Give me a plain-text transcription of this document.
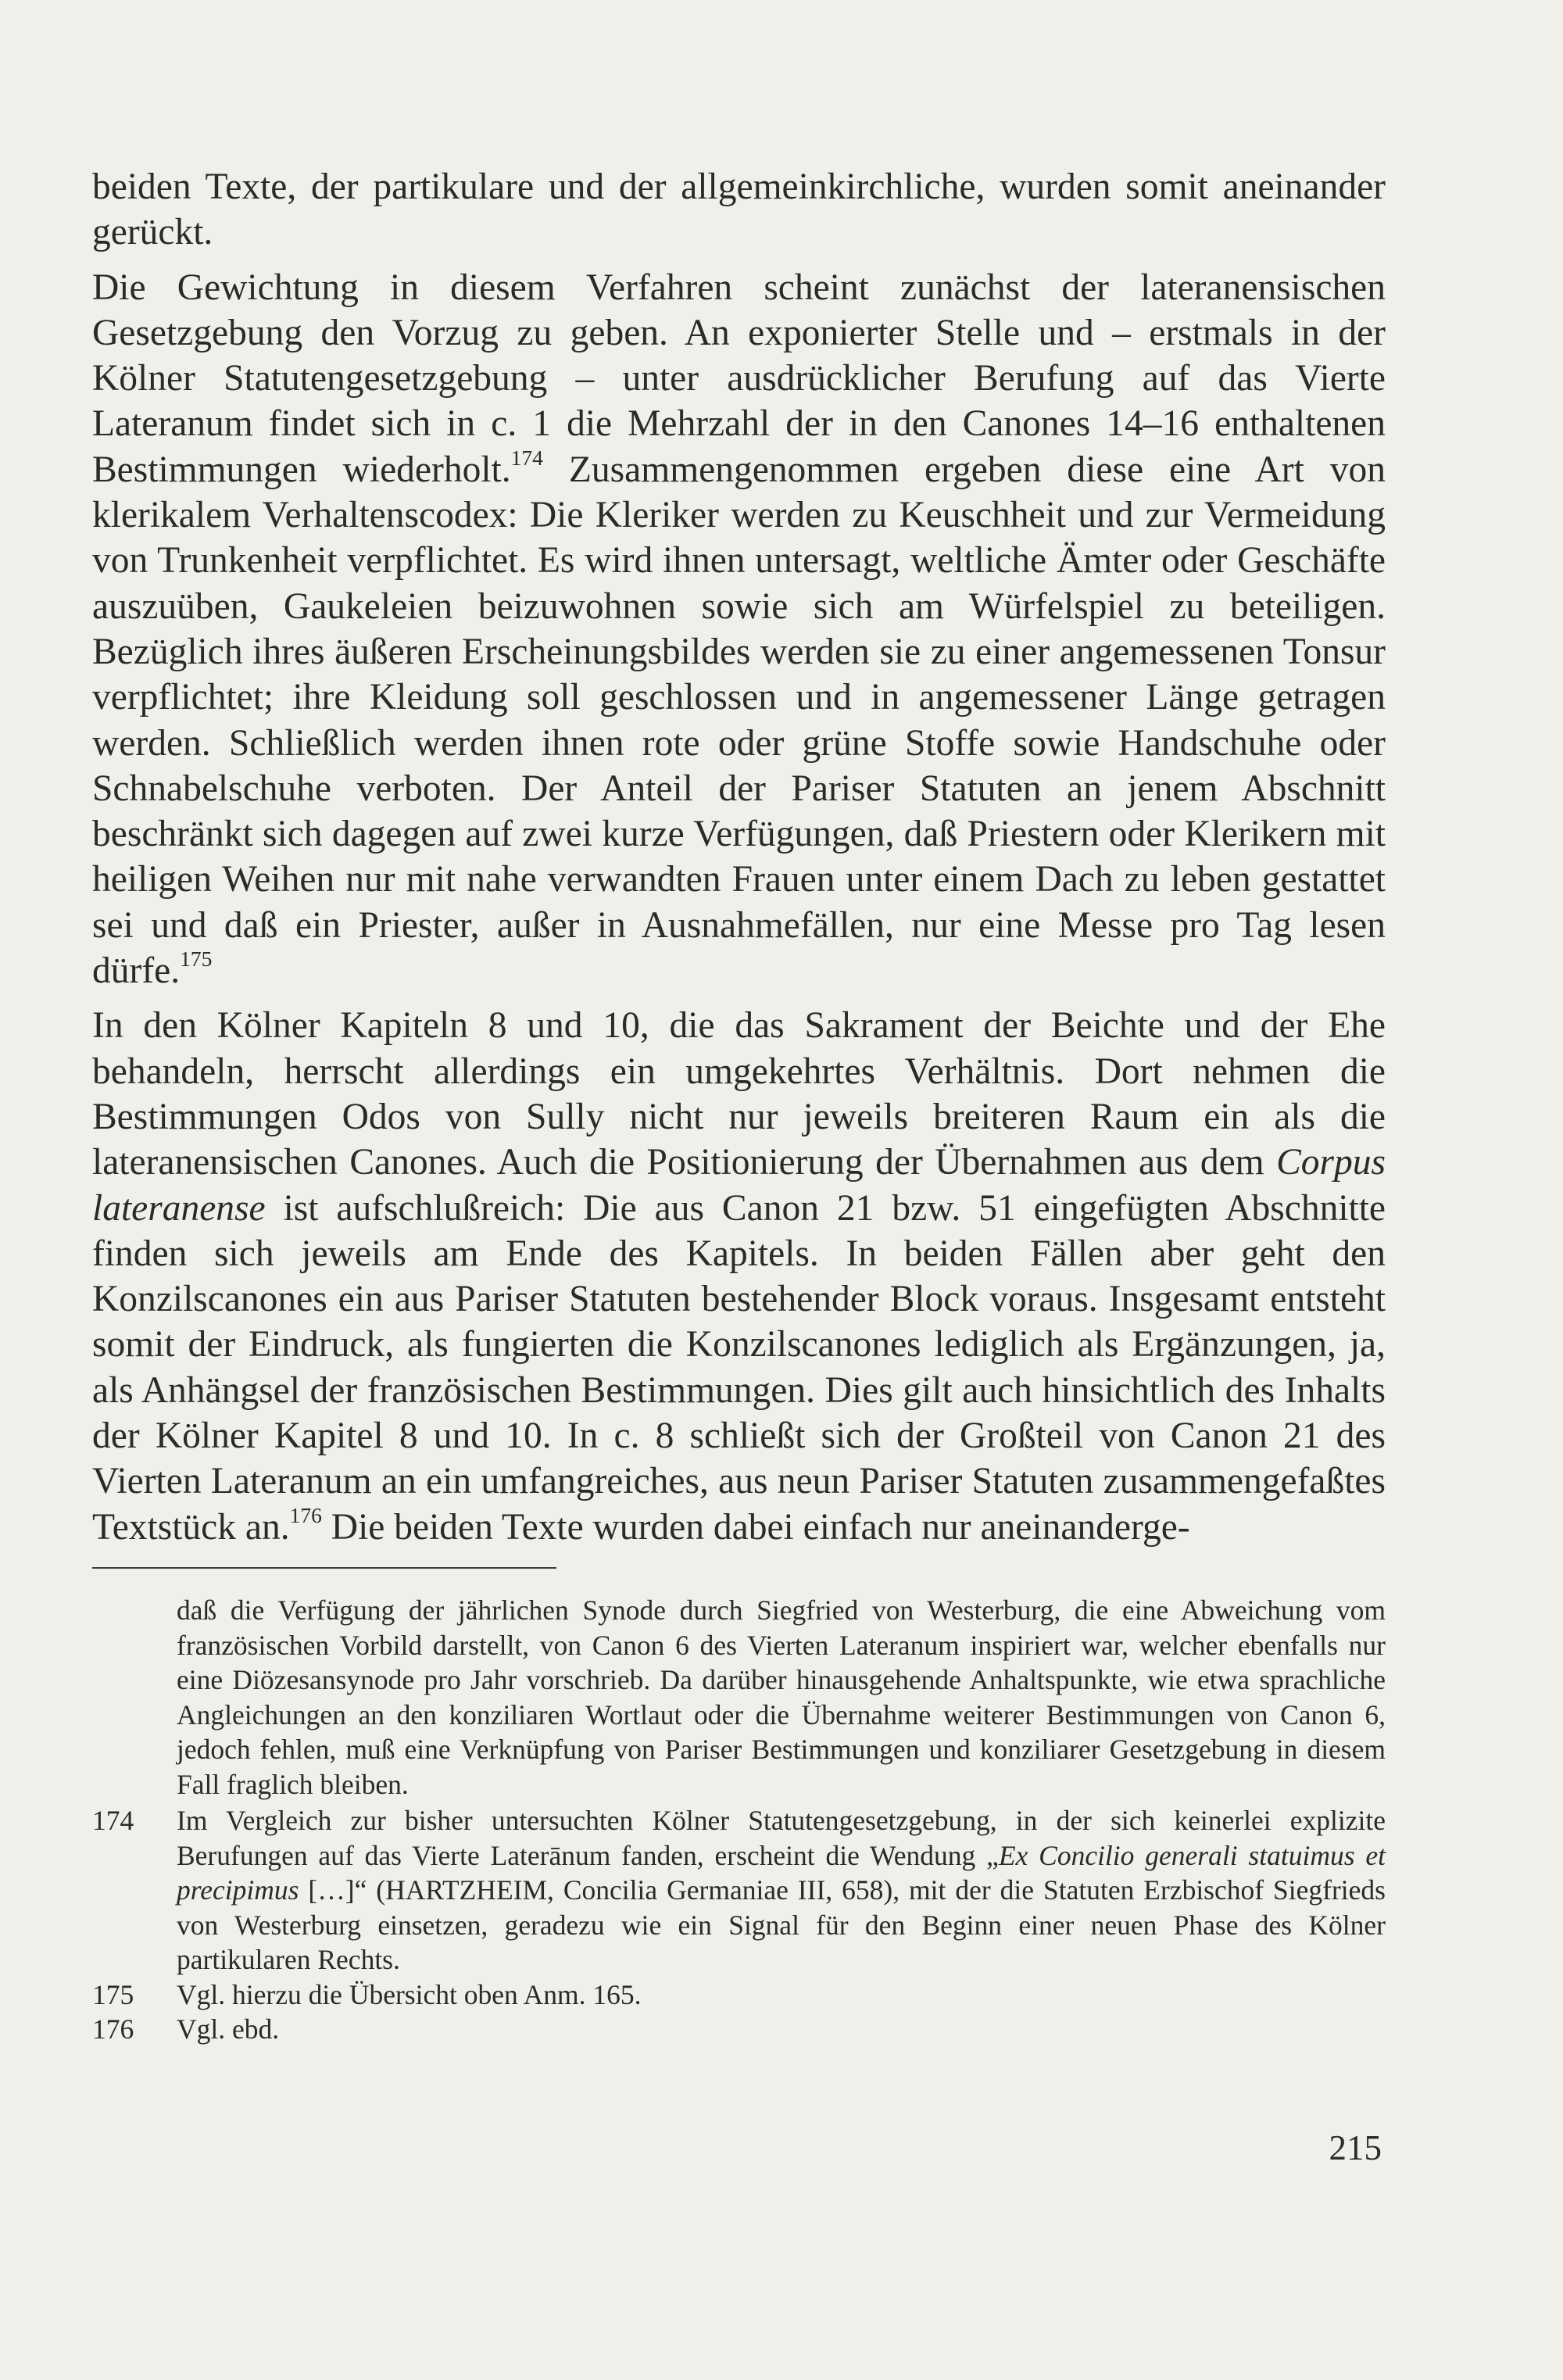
beiden Texte, der partikulare und der allgemeinkirchliche, wurden somit aneinander gerückt.

Die Gewichtung in diesem Verfahren scheint zunächst der lateranensischen Gesetzgebung den Vorzug zu geben. An exponierter Stelle und – erstmals in der Kölner Statutengesetzgebung – unter ausdrücklicher Berufung auf das Vierte Lateranum findet sich in c. 1 die Mehrzahl der in den Canones 14–16 enthaltenen Bestimmungen wiederholt.$^{174}$ Zusammengenommen ergeben diese eine Art von klerikalem Verhaltenscodex: Die Kleriker werden zu Keuschheit und zur Vermeidung von Trunkenheit verpflichtet. Es wird ihnen untersagt, weltliche Ämter oder Geschäfte auszuüben, Gaukeleien beizuwohnen sowie sich am Würfelspiel zu beteiligen. Bezüglich ihres äußeren Erscheinungsbildes werden sie zu einer angemessenen Tonsur verpflichtet; ihre Kleidung soll geschlossen und in angemessener Länge getragen werden. Schließlich werden ihnen rote oder grüne Stoffe sowie Handschuhe oder Schnabelschuhe verboten. Der Anteil der Pariser Statuten an jenem Abschnitt beschränkt sich dagegen auf zwei kurze Verfügungen, daß Priestern oder Klerikern mit heiligen Weihen nur mit nahe verwandten Frauen unter einem Dach zu leben gestattet sei und daß ein Priester, außer in Ausnahmefällen, nur eine Messe pro Tag lesen dürfe.$^{175}$

In den Kölner Kapiteln 8 und 10, die das Sakrament der Beichte und der Ehe behandeln, herrscht allerdings ein umgekehrtes Verhältnis. Dort nehmen die Bestimmungen Odos von Sully nicht nur jeweils breiteren Raum ein als die lateranensischen Canones. Auch die Positionierung der Übernahmen aus dem Corpus lateranense ist aufschlußreich: Die aus Canon 21 bzw. 51 eingefügten Abschnitte finden sich jeweils am Ende des Kapitels. In beiden Fällen aber geht den Konzilscanones ein aus Pariser Statuten bestehender Block voraus. Insgesamt entsteht somit der Eindruck, als fungierten die Konzilscanones lediglich als Ergänzungen, ja, als Anhängsel der französischen Bestimmungen. Dies gilt auch hinsichtlich des Inhalts der Kölner Kapitel 8 und 10. In c. 8 schließt sich der Großteil von Canon 21 des Vierten Lateranum an ein umfangreiches, aus neun Pariser Statuten zusammengefaßtes Textstück an.$^{176}$ Die beiden Texte wurden dabei einfach nur aneinanderge-

daß die Verfügung der jährlichen Synode durch Siegfried von Westerburg, die eine Abweichung vom französischen Vorbild darstellt, von Canon 6 des Vierten Lateranum inspiriert war, welcher ebenfalls nur eine Diözesansynode pro Jahr vorschrieb. Da darüber hinausgehende Anhaltspunkte, wie etwa sprachliche Angleichungen an den konziliaren Wortlaut oder die Übernahme weiterer Bestimmungen von Canon 6, jedoch fehlen, muß eine Verknüpfung von Pariser Bestimmungen und konziliarer Gesetzgebung in diesem Fall fraglich bleiben.
174 Im Vergleich zur bisher untersuchten Kölner Statutengesetzgebung, in der sich keinerlei explizite Berufungen auf das Vierte Laterānum fanden, erscheint die Wendung „Ex Concilio generali statuimus et precipimus […]“ (HARTZHEIM, Concilia Germaniae III, 658), mit der die Statuten Erzbischof Siegfrieds von Westerburg einsetzen, geradezu wie ein Signal für den Beginn einer neuen Phase des Kölner partikularen Rechts.
175 Vgl. hierzu die Übersicht oben Anm. 165.
176 Vgl. ebd.
215
